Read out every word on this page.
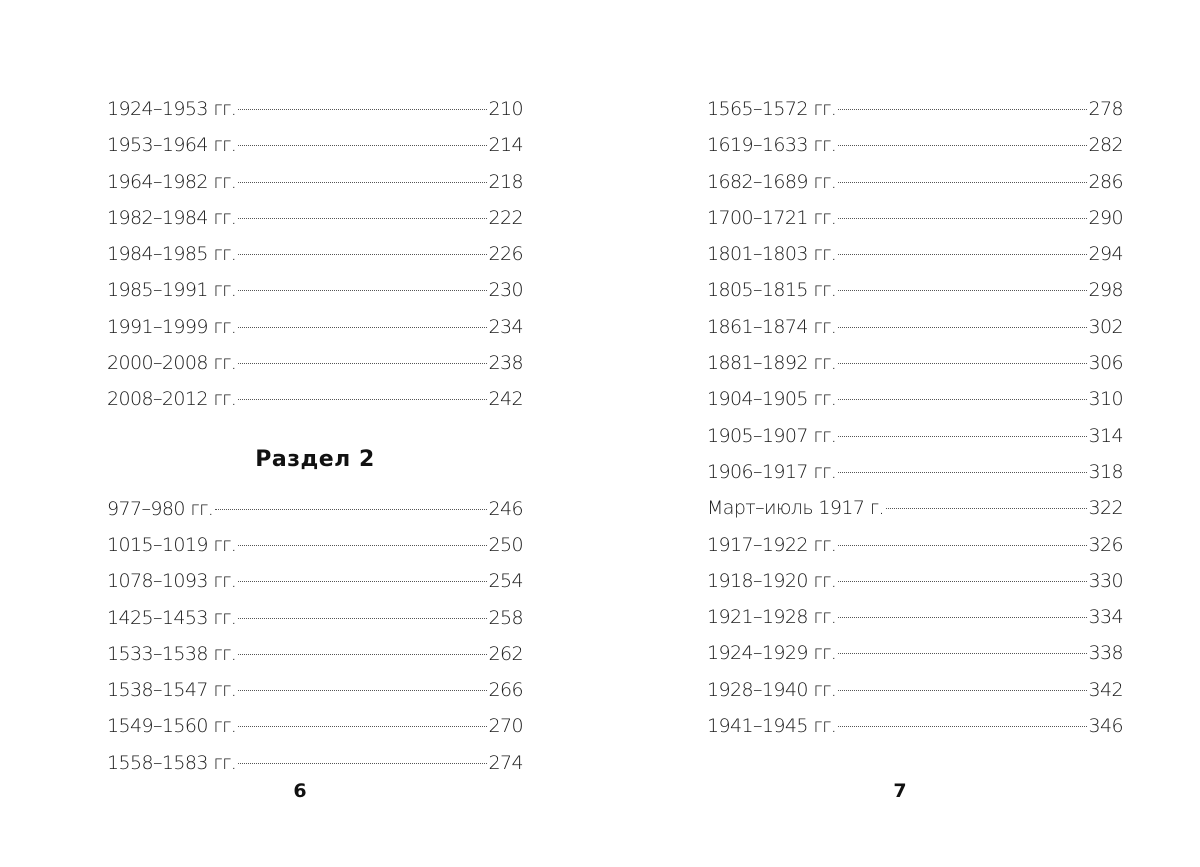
1924–1953 гг.	210
1953–1964 гг.	214
1964–1982 гг.	218
1982–1984 гг.	222
1984–1985 гг.	226
1985–1991 гг.	230
1991–1999 гг.	234
2000–2008 гг.	238
2008–2012 гг.	242
Раздел 2
977–980 гг.	246
1015–1019 гг.	250
1078–1093 гг.	254
1425–1453 гг.	258
1533–1538 гг.	262
1538–1547 гг.	266
1549–1560 гг.	270
1558–1583 гг.	274
6
1565–1572 гг.	278
1619–1633 гг.	282
1682–1689 гг.	286
1700–1721 гг.	290
1801–1803 гг.	294
1805–1815 гг.	298
1861–1874 гг.	302
1881–1892 гг.	306
1904–1905 гг.	310
1905–1907 гг.	314
1906–1917 гг.	318
Март–июль 1917 г.	322
1917–1922 гг.	326
1918–1920 гг.	330
1921–1928 гг.	334
1924–1929 гг.	338
1928–1940 гг.	342
1941–1945 гг.	346
7
